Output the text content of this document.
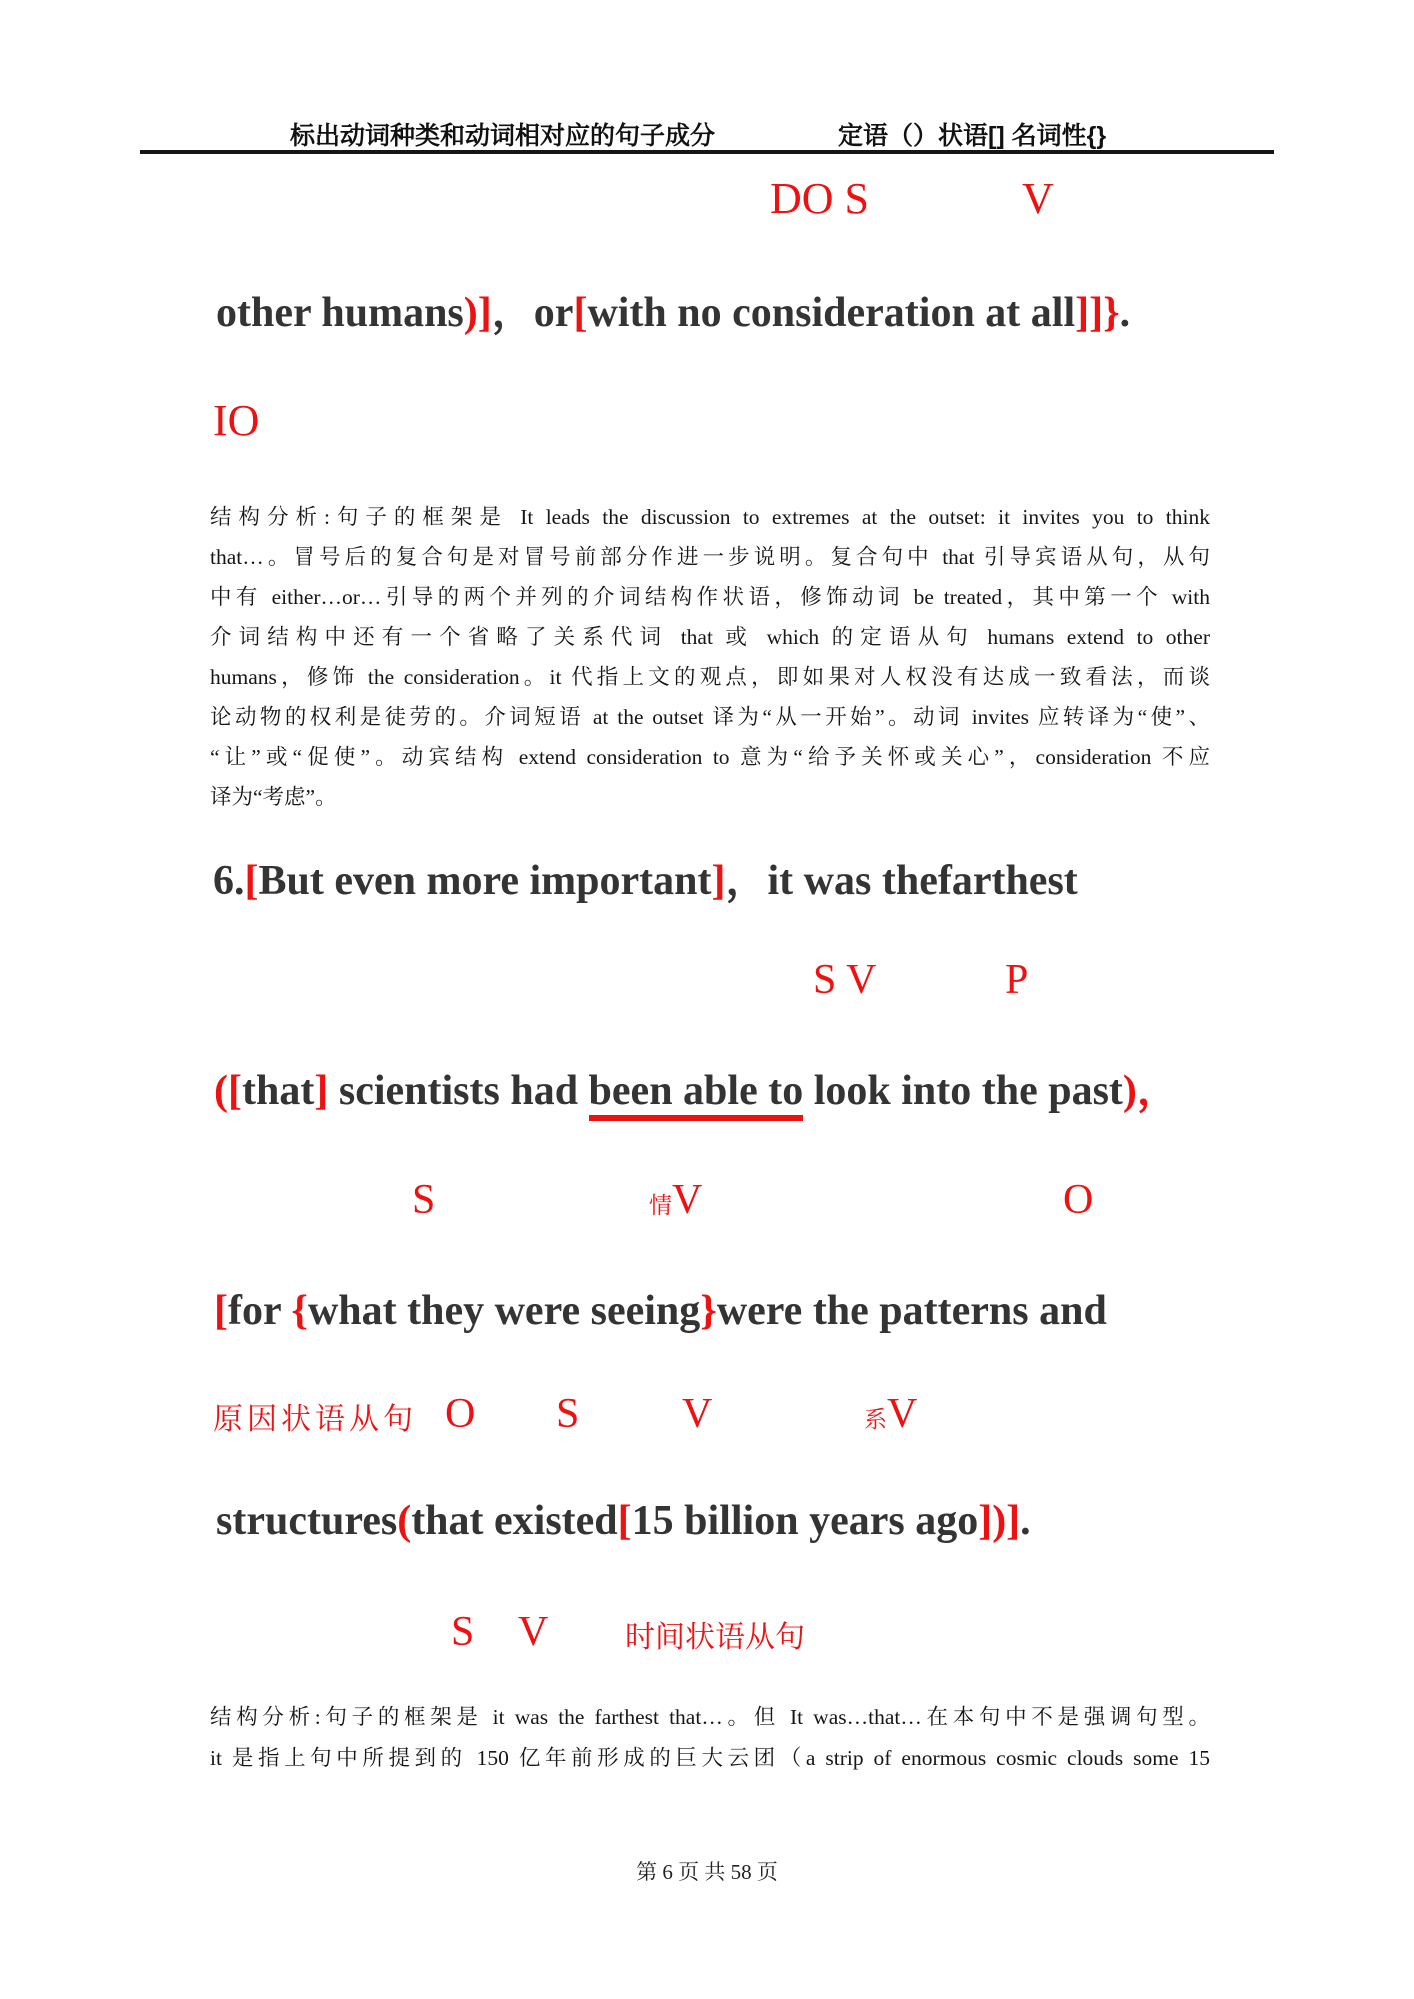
标出动词种类和动词相对应的句子成分	定语（）状语[] 名词性{}
DO S	V
other humans)]，or[with no consideration at all]]}.
IO
结构分析:句子的框架是 It leads the discussion to extremes at the outset: it invites you to think
that…。冒号后的复合句是对冒号前部分作进一步说明。复合句中 that 引导宾语从句，从句
中有 either…or…引导的两个并列的介词结构作状语，修饰动词 be treated，其中第一个 with
介词结构中还有一个省略了关系代词 that 或 which 的定语从句 humans extend to other
humans，修饰 the consideration。it 代指上文的观点，即如果对人权没有达成一致看法，而谈
论动物的权利是徒劳的。介词短语 at the outset 译为“从一开始”。动词 invites 应转译为“使”、
“让”或“促使”。动宾结构 extend consideration to 意为“给予关怀或关心”，consideration 不应
译为“考虑”。
6.[But even more important]，it was thefarthest
S V	P
([that] scientists had been able to look into the past)，
S	情V	O
[for {what they were seeing}were the patterns and
原因状语从句 O S V	系V
structures(that existed[15 billion years ago])].
S V	时间状语从句
结构分析:句子的框架是 it was the farthest that…。但 It was…that…在本句中不是强调句型。
it 是指上句中所提到的 150 亿年前形成的巨大云团（a strip of enormous cosmic clouds some 15
第 6 页 共 58 页
